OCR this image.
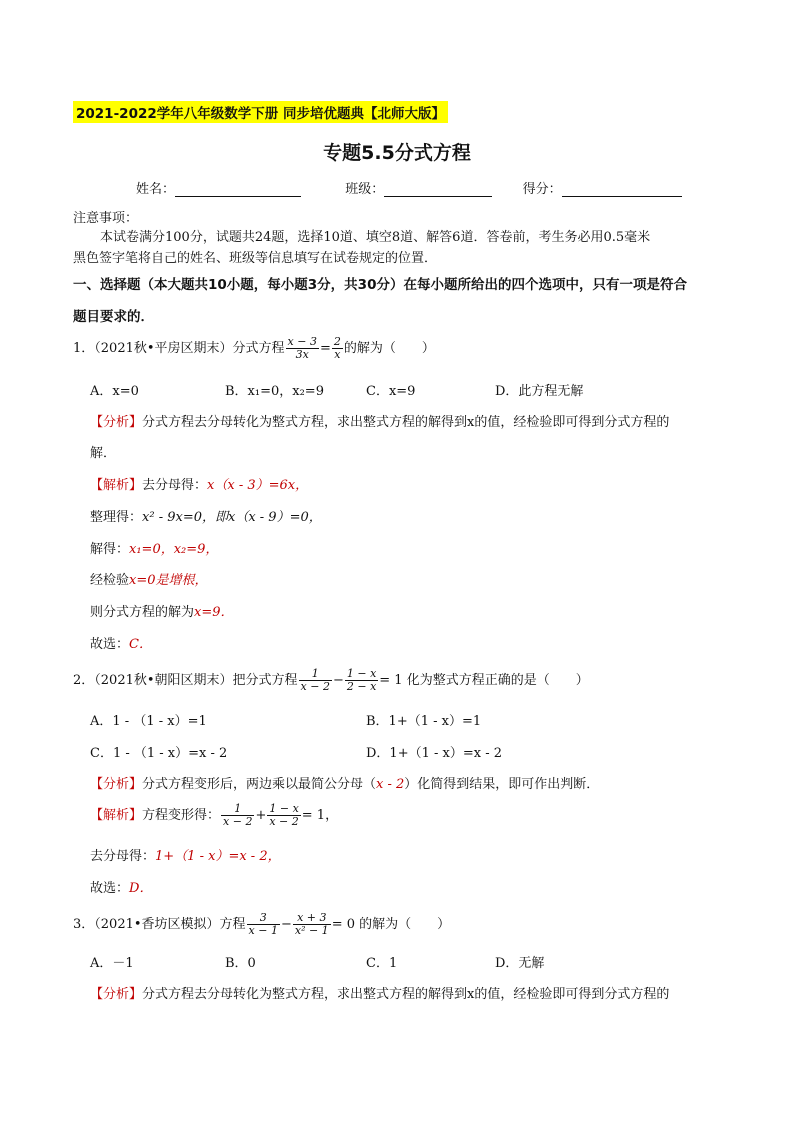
2021-2022学年八年级数学下册 同步培优题典【北师大版】
专题5.5分式方程
姓名：	班级：	得分：
注意事项：
本试卷满分100分，试题共24题，选择10道、填空8道、解答6道．答卷前，考生务必用0.5毫米
黑色签字笔将自己的姓名、班级等信息填写在试卷规定的位置．
一、选择题（本大题共10小题，每小题3分，共30分）在每小题所给出的四个选项中，只有一项是符合
题目要求的．
1．（2021秋•平房区期末）分式方程 $\frac{x - 3}{3x} = \frac{2}{x}$ 的解为（　　）
A．x=0	B．x₁=0，x₂=9	C．x=9	D．此方程无解
【分析】分式方程去分母转化为整式方程，求出整式方程的解得到x的值，经检验即可得到分式方程的
解．
【解析】去分母得：x（x - 3）=6x，
整理得：x² - 9x=0，即x（x - 9）=0，
解得：x₁=0，x₂=9，
经检验x=0是增根，
则分式方程的解为x=9．
故选：C．
2．（2021秋•朝阳区期末）把分式方程 $\frac{1}{x - 2} - \frac{1 - x}{2 - x} = 1$ 化为整式方程正确的是（　　）
A．1 - （1 - x）=1	B．1+（1 - x）=1
C．1 - （1 - x）=x - 2	D．1+（1 - x）=x - 2
【分析】分式方程变形后，两边乘以最简公分母（x - 2）化简得到结果，即可作出判断．
【解析】方程变形得： $\frac{1}{x - 2} + \frac{1 - x}{x - 2} = 1$，
去分母得：1+（1 - x）=x - 2，
故选：D．
3．（2021•香坊区模拟）方程 $\frac{3}{x - 1} - \frac{x + 3}{\text{x² − 1}} = 0$ 的解为（　　）
A．－1	B．0	C．1	D．无解
【分析】分式方程去分母转化为整式方程，求出整式方程的解得到x的值，经检验即可得到分式方程的
